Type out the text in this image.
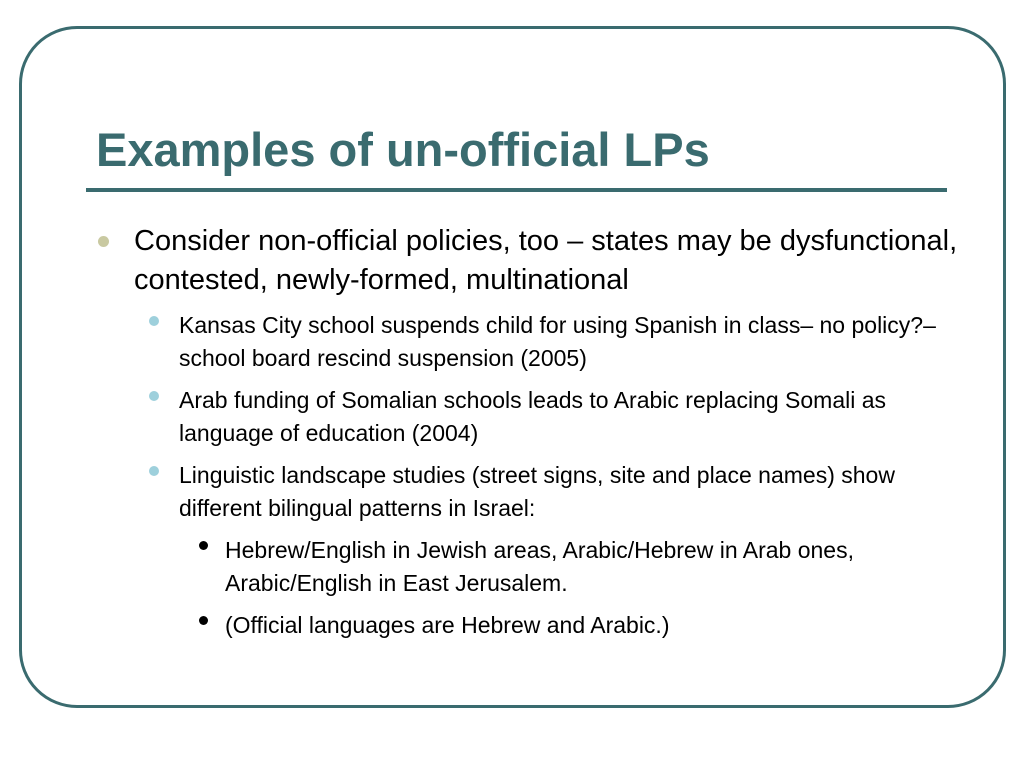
Examples of un-official LPs
Consider non-official policies, too – states may be dysfunctional, contested, newly-formed, multinational
Kansas City school suspends child for using Spanish in class– no policy?– school board rescind suspension (2005)
Arab funding of Somalian schools leads to Arabic replacing Somali as language of education (2004)
Linguistic landscape studies (street signs, site and place names) show different bilingual patterns in Israel:
Hebrew/English in Jewish areas, Arabic/Hebrew in Arab ones, Arabic/English in East Jerusalem.
(Official languages are Hebrew and Arabic.)
